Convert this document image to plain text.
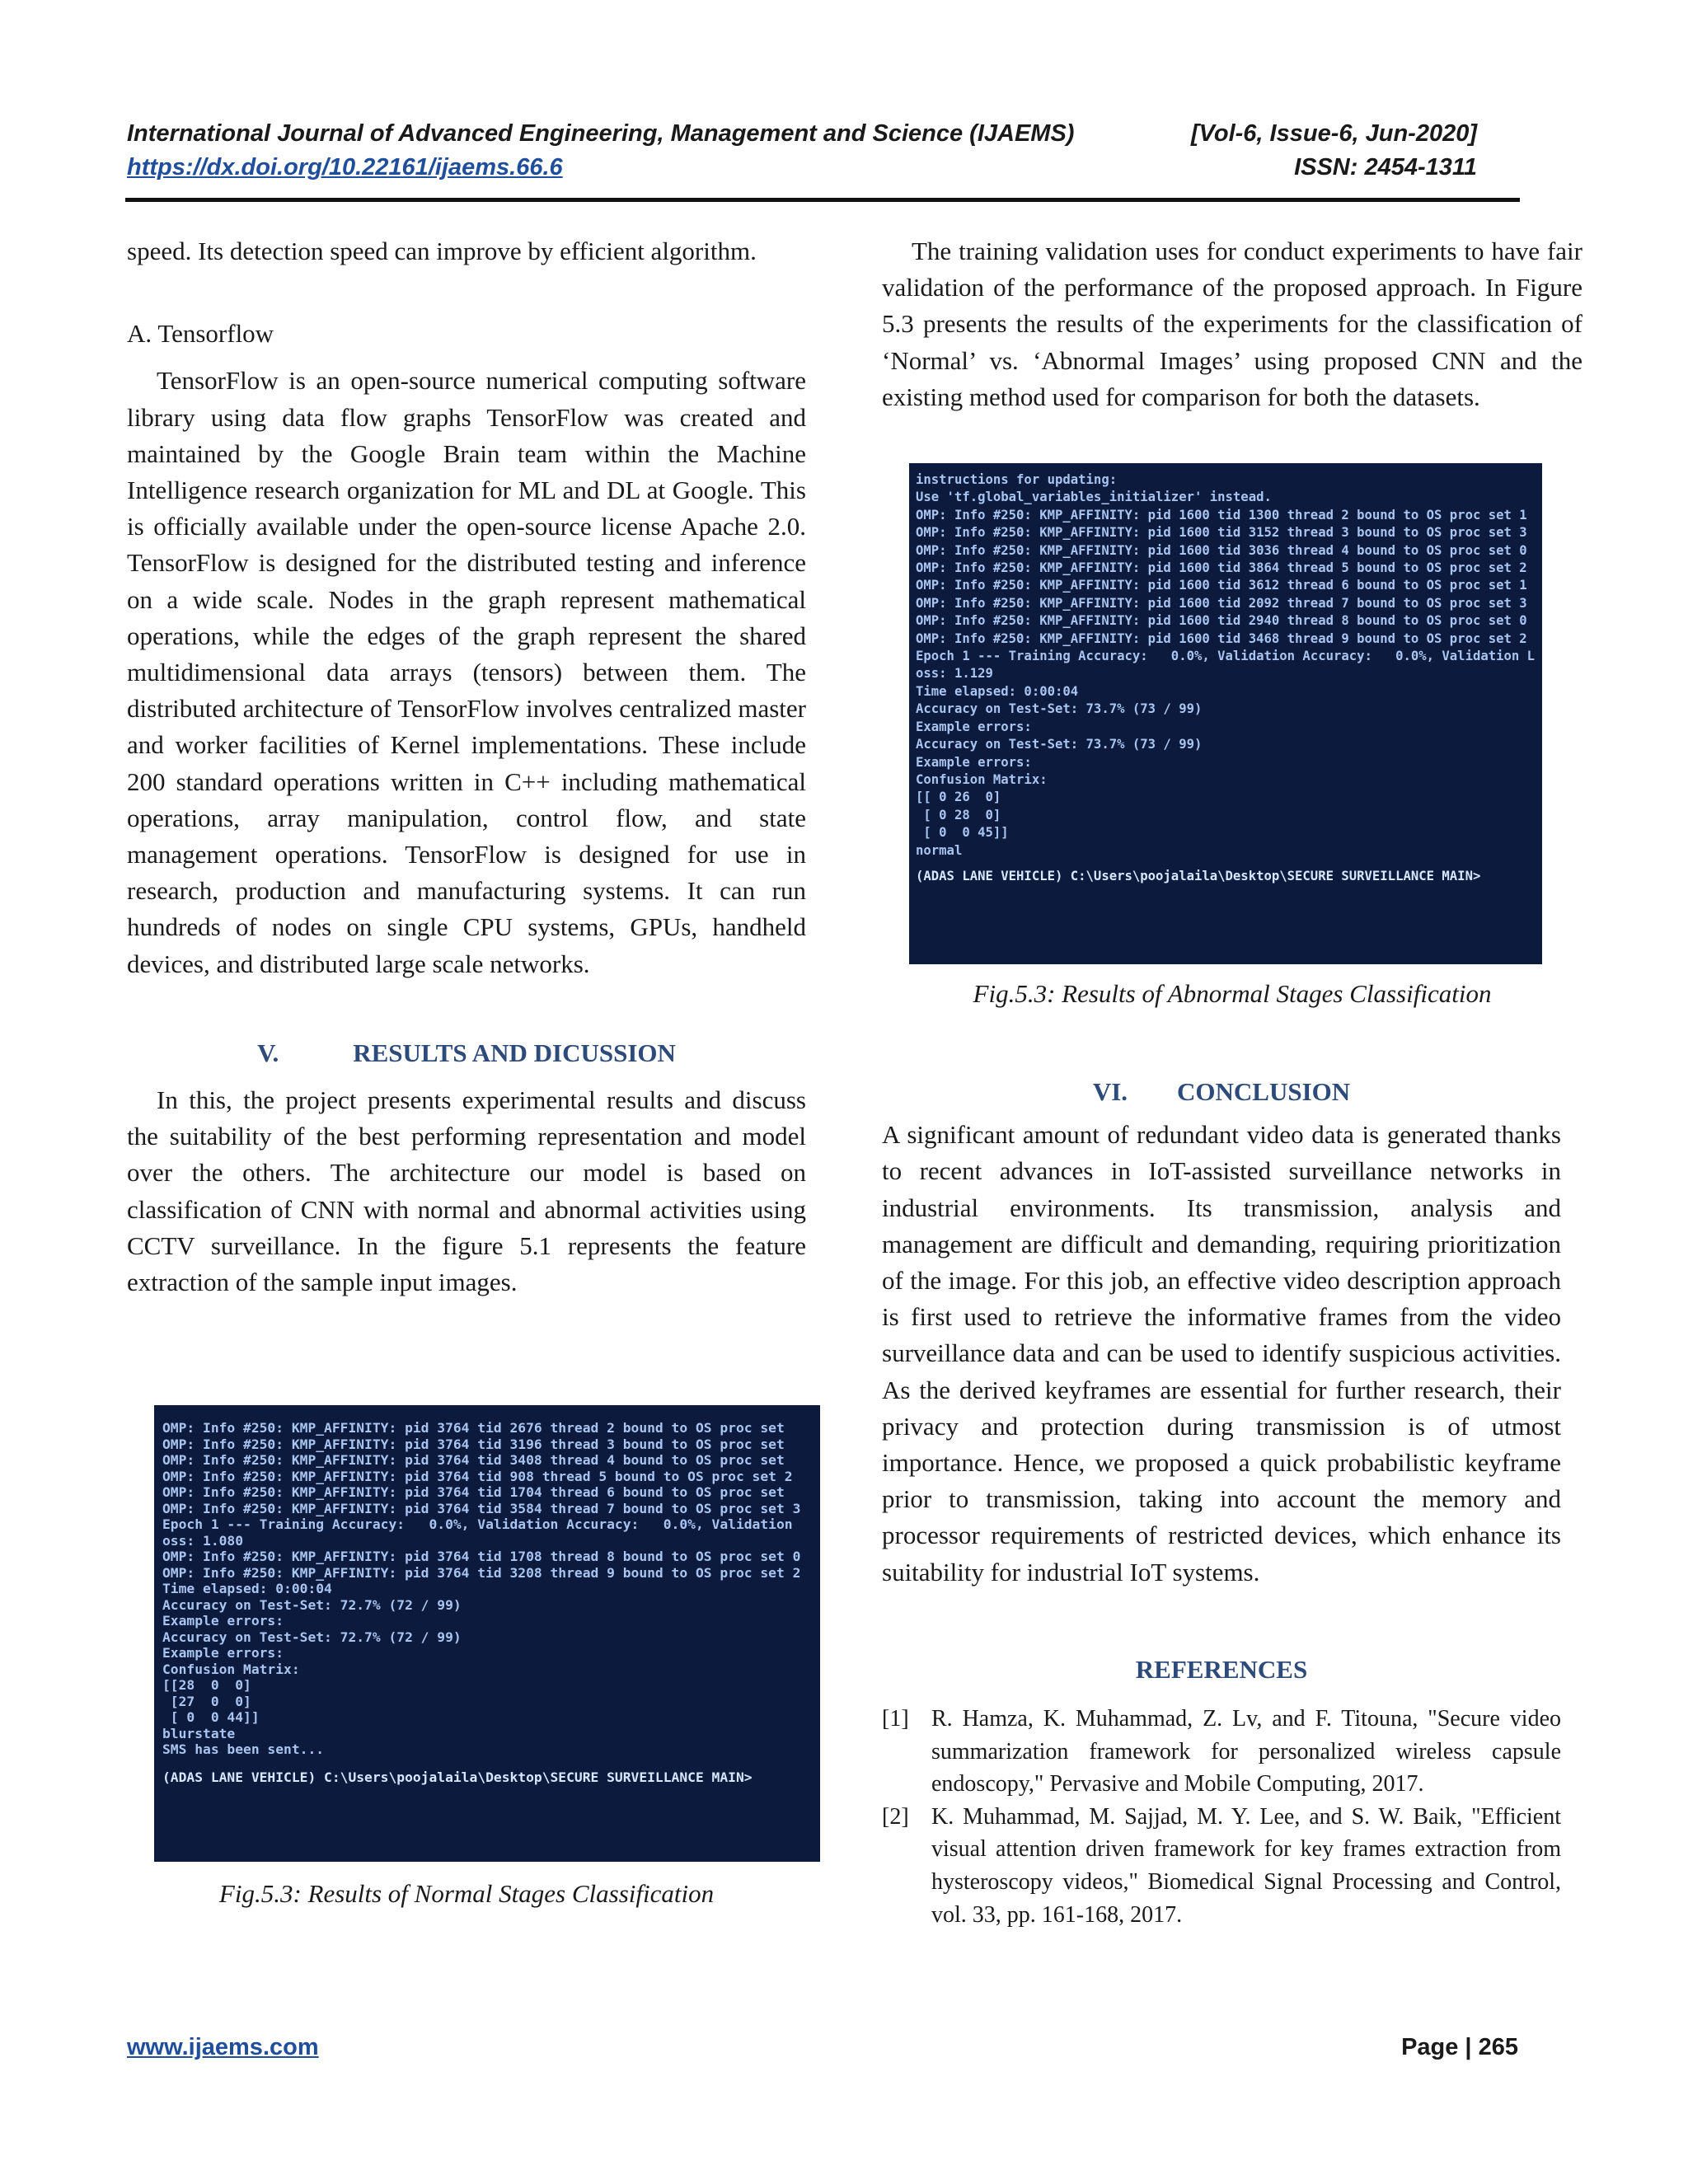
International Journal of Advanced Engineering, Management and Science (IJAEMS)	[Vol-6, Issue-6, Jun-2020]
https://dx.doi.org/10.22161/ijaems.66.6	ISSN: 2454-1311

speed. Its detection speed can improve by efficient algorithm.

A. Tensorflow

TensorFlow is an open-source numerical computing software library using data flow graphs TensorFlow was created and maintained by the Google Brain team within the Machine Intelligence research organization for ML and DL at Google. This is officially available under the open-source license Apache 2.0. TensorFlow is designed for the distributed testing and inference on a wide scale. Nodes in the graph represent mathematical operations, while the edges of the graph represent the shared multidimensional data arrays (tensors) between them. The distributed architecture of TensorFlow involves centralized master and worker facilities of Kernel implementations. These include 200 standard operations written in C++ including mathematical operations, array manipulation, control flow, and state management operations. TensorFlow is designed for use in research, production and manufacturing systems. It can run hundreds of nodes on single CPU systems, GPUs, handheld devices, and distributed large scale networks.

V.	RESULTS AND DICUSSION

In this, the project presents experimental results and discuss the suitability of the best performing representation and model over the others. The architecture our model is based on classification of CNN with normal and abnormal activities using CCTV surveillance. In the figure 5.1 represents the feature extraction of the sample input images.

OMP: Info #250: KMP_AFFINITY: pid 3764 tid 2676 thread 2 bound to OS proc set
OMP: Info #250: KMP_AFFINITY: pid 3764 tid 3196 thread 3 bound to OS proc set
OMP: Info #250: KMP_AFFINITY: pid 3764 tid 3408 thread 4 bound to OS proc set
OMP: Info #250: KMP_AFFINITY: pid 3764 tid 908 thread 5 bound to OS proc set 2
OMP: Info #250: KMP_AFFINITY: pid 3764 tid 1704 thread 6 bound to OS proc set
OMP: Info #250: KMP_AFFINITY: pid 3764 tid 3584 thread 7 bound to OS proc set 3
Epoch 1 --- Training Accuracy:   0.0%, Validation Accuracy:   0.0%, Validation
oss: 1.080
OMP: Info #250: KMP_AFFINITY: pid 3764 tid 1708 thread 8 bound to OS proc set 0
OMP: Info #250: KMP_AFFINITY: pid 3764 tid 3208 thread 9 bound to OS proc set 2
Time elapsed: 0:00:04
Accuracy on Test-Set: 72.7% (72 / 99)
Example errors:
Accuracy on Test-Set: 72.7% (72 / 99)
Example errors:
Confusion Matrix:
[[28  0  0]
[27  0  0]
[ 0  0 44]]
blurstate
SMS has been sent...
(ADAS LANE VEHICLE) C:\Users\poojalaila\Desktop\SECURE SURVEILLANCE MAIN>
Fig.5.3: Results of Normal Stages Classification

The training validation uses for conduct experiments to have fair validation of the performance of the proposed approach. In Figure 5.3 presents the results of the experiments for the classification of ‘Normal’ vs. ‘Abnormal Images’ using proposed CNN and the existing method used for comparison for both the datasets.

instructions for updating:
Use 'tf.global_variables_initializer' instead.
OMP: Info #250: KMP_AFFINITY: pid 1600 tid 1300 thread 2 bound to OS proc set 1
OMP: Info #250: KMP_AFFINITY: pid 1600 tid 3152 thread 3 bound to OS proc set 3
OMP: Info #250: KMP_AFFINITY: pid 1600 tid 3036 thread 4 bound to OS proc set 0
OMP: Info #250: KMP_AFFINITY: pid 1600 tid 3864 thread 5 bound to OS proc set 2
OMP: Info #250: KMP_AFFINITY: pid 1600 tid 3612 thread 6 bound to OS proc set 1
OMP: Info #250: KMP_AFFINITY: pid 1600 tid 2092 thread 7 bound to OS proc set 3
OMP: Info #250: KMP_AFFINITY: pid 1600 tid 2940 thread 8 bound to OS proc set 0
OMP: Info #250: KMP_AFFINITY: pid 1600 tid 3468 thread 9 bound to OS proc set 2
Epoch 1 --- Training Accuracy:   0.0%, Validation Accuracy:   0.0%, Validation L
oss: 1.129
Time elapsed: 0:00:04
Accuracy on Test-Set: 73.7% (73 / 99)
Example errors:
Accuracy on Test-Set: 73.7% (73 / 99)
Example errors:
Confusion Matrix:
[[ 0 26  0]
[ 0 28  0]
[ 0  0 45]]
normal
(ADAS LANE VEHICLE) C:\Users\poojalaila\Desktop\SECURE SURVEILLANCE MAIN>
Fig.5.3: Results of Abnormal Stages Classification
VI. CONCLUSION

A significant amount of redundant video data is generated thanks to recent advances in IoT-assisted surveillance networks in industrial environments. Its transmission, analysis and management are difficult and demanding, requiring prioritization of the image. For this job, an effective video description approach is first used to retrieve the informative frames from the video surveillance data and can be used to identify suspicious activities. As the derived keyframes are essential for further research, their privacy and protection during transmission is of utmost importance. Hence, we proposed a quick probabilistic keyframe prior to transmission, taking into account the memory and processor requirements of restricted devices, which enhance its suitability for industrial IoT systems.

REFERENCES
[1] R. Hamza, K. Muhammad, Z. Lv, and F. Titouna, "Secure video summarization framework for personalized wireless capsule endoscopy," Pervasive and Mobile Computing, 2017.
[2] K. Muhammad, M. Sajjad, M. Y. Lee, and S. W. Baik, "Efficient visual attention driven framework for key frames extraction from hysteroscopy videos," Biomedical Signal Processing and Control, vol. 33, pp. 161-168, 2017.
www.ijaems.com	Page | 265
